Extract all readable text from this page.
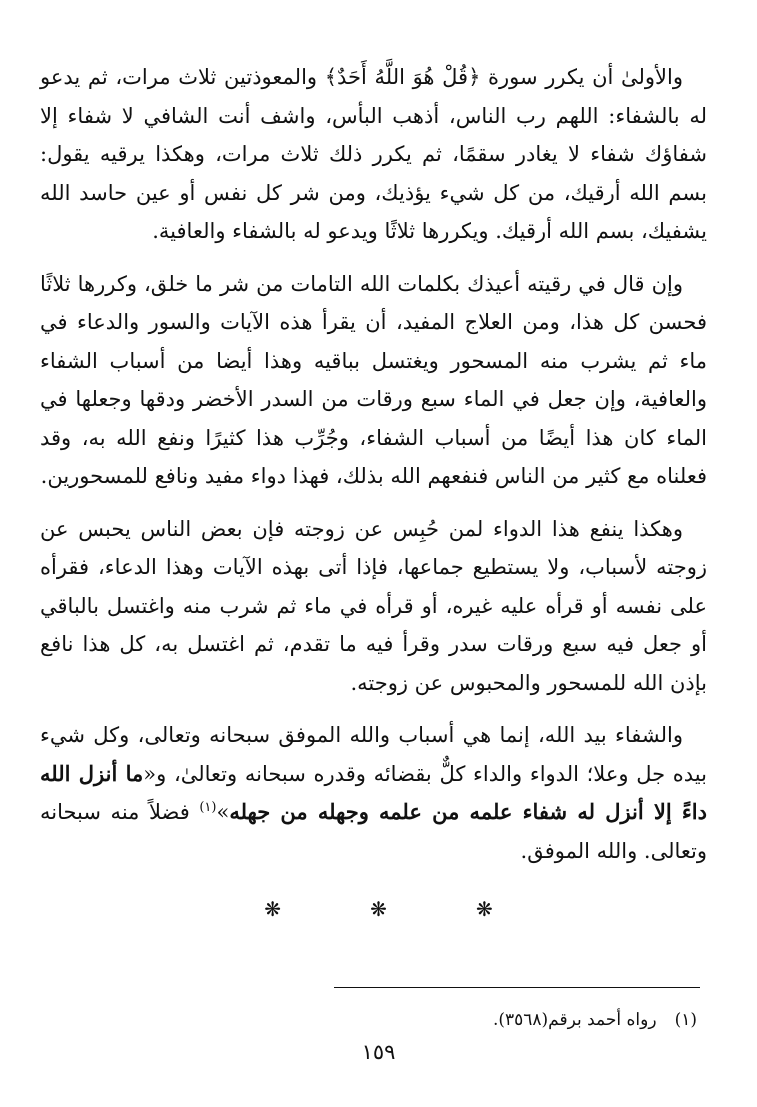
والأولىٰ أن يكرر سورة ﴿قُلْ هُوَ اللَّهُ أَحَدٌ﴾ والمعوذتين ثلاث مرات، ثم يدعو له بالشفاء: اللهم رب الناس، أذهب البأس، واشف أنت الشافي لا شفاء إلا شفاؤك شفاء لا يغادر سقمًا، ثم يكرر ذلك ثلاث مرات، وهكذا يرقيه يقول: بسم الله أرقيك، من كل شيء يؤذيك، ومن شر كل نفس أو عين حاسد الله يشفيك، بسم الله أرقيك. ويكررها ثلاثًا ويدعو له بالشفاء والعافية.

وإن قال في رقيته أعيذك بكلمات الله التامات من شر ما خلق، وكررها ثلاثًا فحسن كل هذا، ومن العلاج المفيد، أن يقرأ هذه الآيات والسور والدعاء في ماء ثم يشرب منه المسحور ويغتسل بباقيه وهذا أيضا من أسباب الشفاء والعافية، وإن جعل في الماء سبع ورقات من السدر الأخضر ودقها وجعلها في الماء كان هذا أيضًا من أسباب الشفاء، وجُرِّب هذا كثيرًا ونفع الله به، وقد فعلناه مع كثير من الناس فنفعهم الله بذلك، فهذا دواء مفيد ونافع للمسحورين.

وهكذا ينفع هذا الدواء لمن حُبِس عن زوجته فإن بعض الناس يحبس عن زوجته لأسباب، ولا يستطيع جماعها، فإذا أتى بهذه الآيات وهذا الدعاء، فقرأه على نفسه أو قرأه عليه غيره، أو قرأه في ماء ثم شرب منه واغتسل بالباقي أو جعل فيه سبع ورقات سدر وقرأ فيه ما تقدم، ثم اغتسل به، كل هذا نافع بإذن الله للمسحور والمحبوس عن زوجته.

والشفاء بيد الله، إنما هي أسباب والله الموفق سبحانه وتعالى، وكل شيء بيده جل وعلا؛ الدواء والداء كلٌّ بقضائه وقدره سبحانه وتعالىٰ، و«ما أنزل الله داءً إلا أنزل له شفاء علمه من علمه وجهله من جهله»$^{(١)}$ فضلاً منه سبحانه وتعالى. والله الموفق.

❋	❋	❋
(١)رواه أحمد برقم(٣٥٦٨).
١٥٩
